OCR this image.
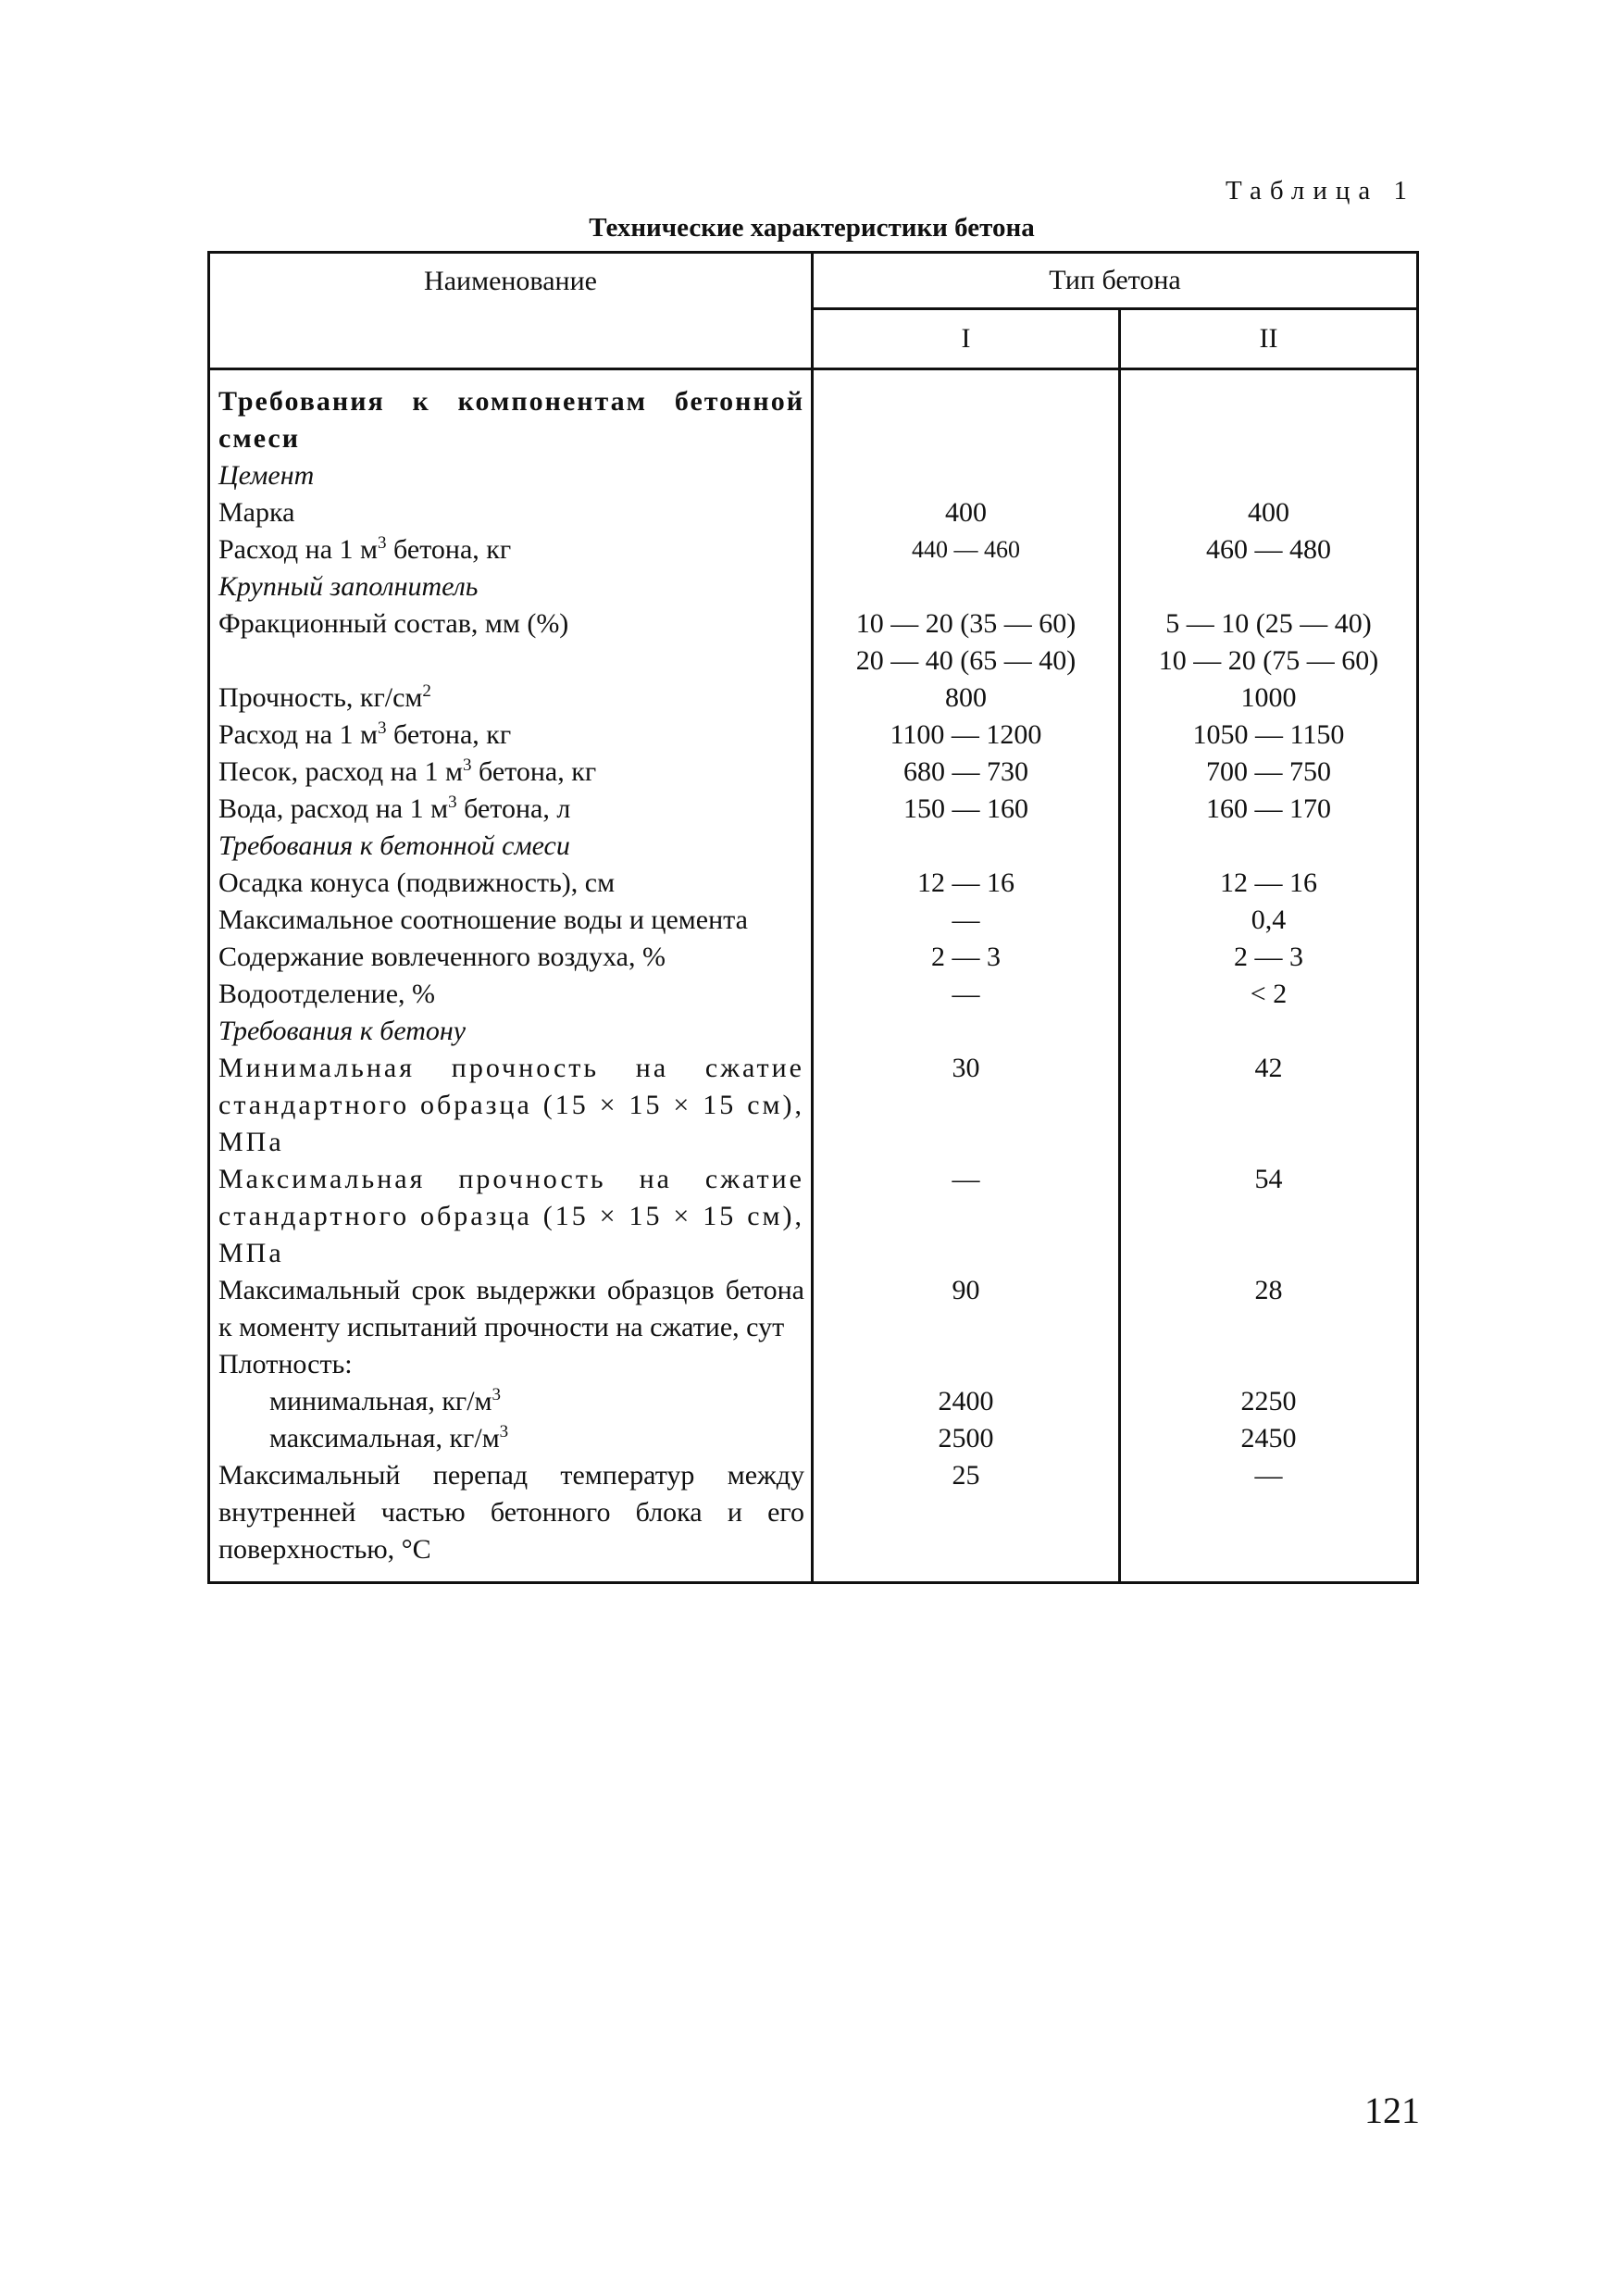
Таблица 1
Технические характеристики бетона
Наименование	Тип бетона	
	I	II
Требования к компонентам бетонной смеси		
Цемент		
Марка	400	400
Расход на 1 $м^3$ бетона, кг	440 — 460	460 — 480
Крупный заполнитель		
Фракционный состав, мм (%)	10 — 20 (35 — 60)	5 — 10 (25 — 40)
	20 — 40 (65 — 40)	10 — 20 (75 — 60)
Прочность, $кг/см^2$	800	1000
Расход на 1 $м^3$ бетона, кг	1100 — 1200	1050 — 1150
Песок, расход на 1 $м^3$ бетона, кг	680 — 730	700 — 750
Вода, расход на 1 $м^3$ бетона, л	150 — 160	160 — 170
Требования к бетонной смеси		
Осадка конуса (подвижность), см	12 — 16	12 — 16
Максимальное соотношение воды и цемента	—	0,4
Содержание вовлеченного воздуха, %	2 — 3	2 — 3
Водоотделение, %	—	< 2
Требования к бетону		
Минимальная прочность на сжатие стандартного образца (15 × 15 × 15 см), МПа	30	42
Максимальная прочность на сжатие стандартного образца (15 × 15 × 15 см), МПа	—	54
Максимальный срок выдержки образцов бетона к моменту испытаний прочности на сжатие, сут	90	28
Плотность:		
минимальная, $кг/м^3$	2400	2250
максимальная, $кг/м^3$	2500	2450
Максимальный перепад температур между внутренней частью бетонного блока и его поверхностью, °С	25	—
121
